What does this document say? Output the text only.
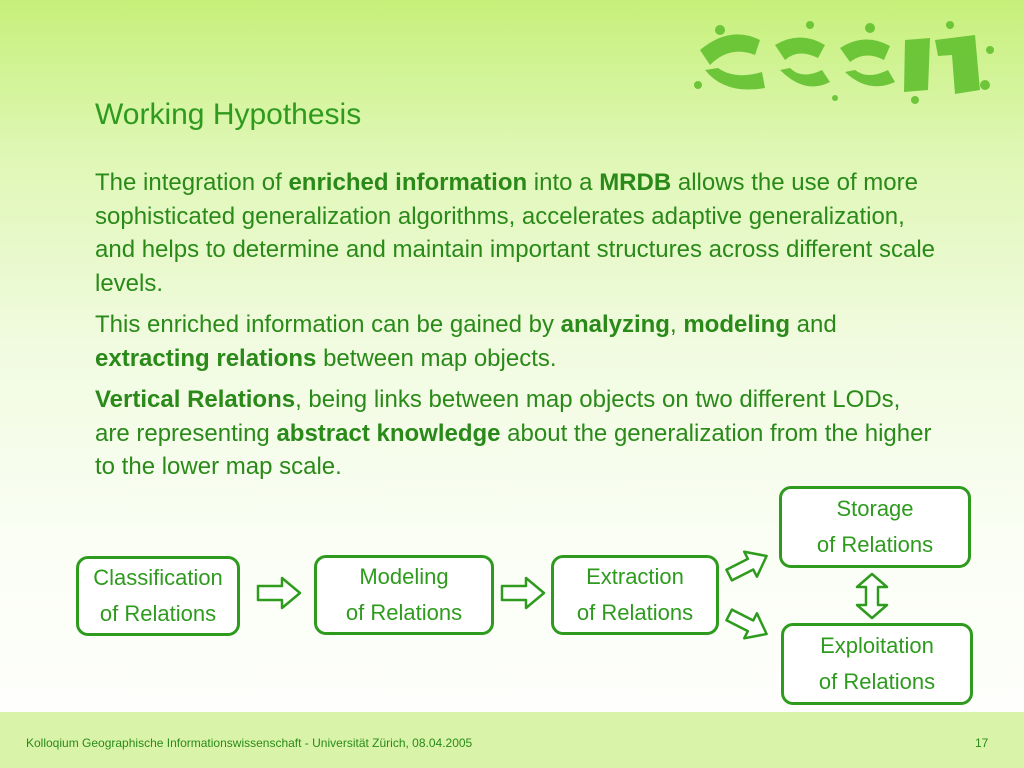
Working Hypothesis

The integration of enriched information into a MRDB allows the use of more sophisticated generalization algorithms, accelerates adaptive generalization, and helps to determine and maintain important structures across different scale levels.

This enriched information can be gained by analyzing, modeling and extracting relations between map objects.

Vertical Relations, being links between map objects on two different LODs, are representing abstract knowledge about the generalization from the higher to the lower map scale.

Classification
of Relations
Modeling
of Relations
Extraction
of Relations
Storage
of Relations
Exploitation
of Relations
Kolloqium Geographische Informationswissenschaft - Universität Zürich, 08.04.2005	17
